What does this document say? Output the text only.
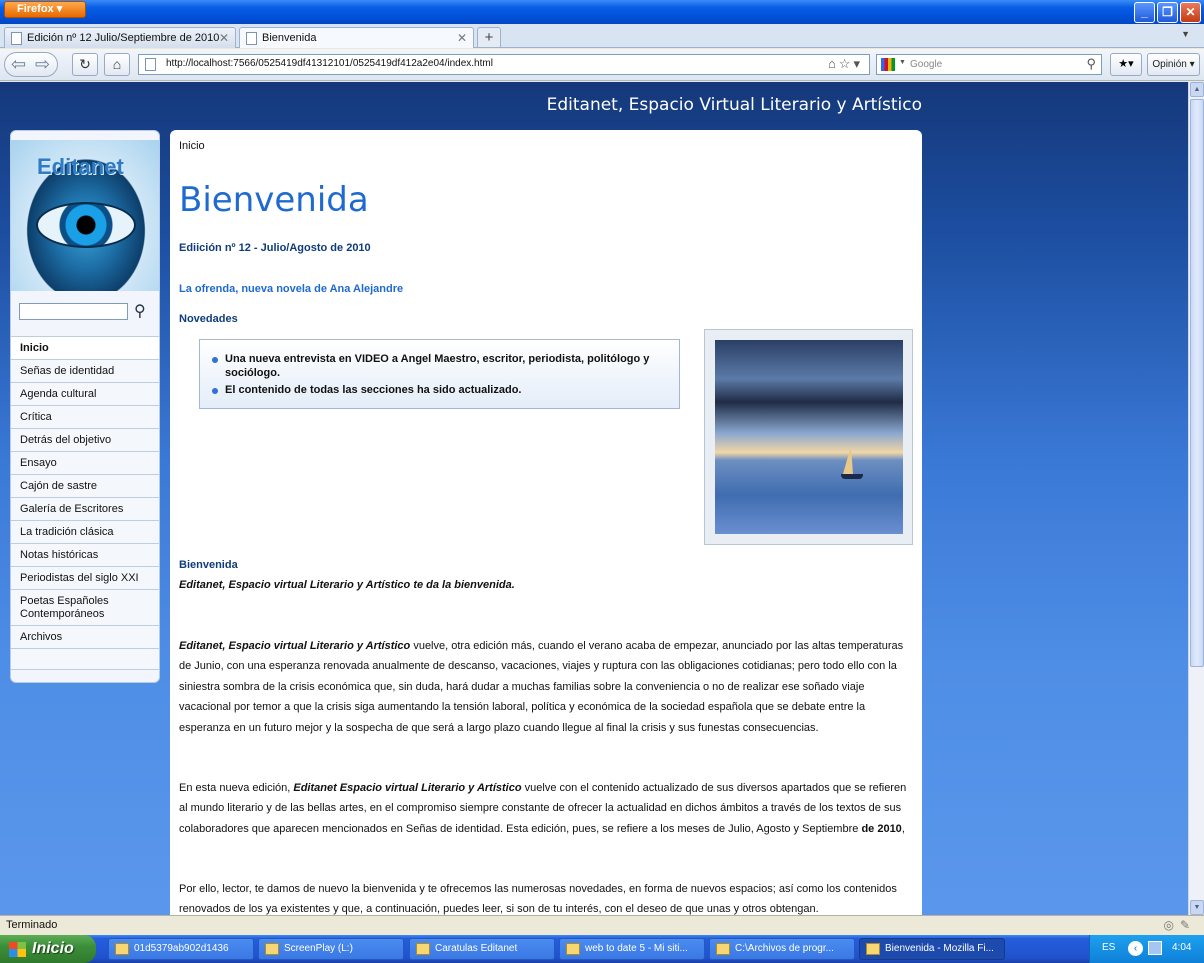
Firefox ▾	_	❐	✕
Edición nº 12 Julio/Septiembre de 2010 ✕	Bienvenida	✕	+	▼
⇦ ⇨	↻	⌂	http://localhost:7566/0525419df41312101/0525419df412a2e04/index.html	⌂☆▾	▼ Google	⚲	★▾	Opinión ▾
Editanet, Espacio Virtual Literario y Artístico
Editanet
⚲
Inicio
Señas de identidad
Agenda cultural
Crítica
Detrás del objetivo
Ensayo
Cajón de sastre
Galería de Escritores
La tradición clásica
Notas históricas
Periodistas del siglo XXI
Poetas Españoles Contemporáneos
Archivos
Inicio
Bienvenida
Ediición nº 12 - Julio/Agosto de 2010
La ofrenda, nueva novela de Ana Alejandre
Novedades
Una nueva entrevista en VIDEO a Angel Maestro, escritor, periodista, politólogo y sociólogo.
El contenido de todas las secciones ha sido actualizado.
Bienvenida
Editanet, Espacio virtual Literario y Artístico te da la bienvenida.
Editanet, Espacio virtual Literario y Artístico vuelve, otra edición más, cuando el verano acaba de empezar, anunciado por las altas temperaturas de Junio, con una esperanza renovada anualmente de descanso, vacaciones, viajes y ruptura con las obligaciones cotidianas; pero todo ello con la siniestra sombra de la crisis económica que, sin duda, hará dudar a muchas familias sobre la conveniencia o no de realizar ese soñado viaje vacacional por temor a que la crisis siga aumentando la tensión laboral, política y económica de la sociedad española que se debate entre la esperanza en un futuro mejor y la sospecha de que será a largo plazo cuando llegue al final la crisis y sus funestas consecuencias.
En esta nueva edición, Editanet Espacio virtual Literario y Artístico vuelve con el contenido actualizado de sus diversos apartados que se refieren al mundo literario y de las bellas artes, en el compromiso siempre constante de ofrecer la actualidad en dichos ámbitos a través de los textos de sus colaboradores que aparecen mencionados en Señas de identidad. Esta edición, pues, se refiere a los meses de Julio, Agosto y Septiembre de 2010,
Por ello, lector, te damos de nuevo la bienvenida y te ofrecemos las numerosas novedades, en forma de nuevos espacios; así como los contenidos renovados de los ya existentes y que, a continuación, puedes leer, si son de tu interés, con el deseo de que unas y otros obtengan.
▲
▼
Terminado	◎✎
Inicio	01d5379ab902d1436	ScreenPlay (L:)	Caratulas Editanet	web to date 5 - Mi siti...	C:\Archivos de progr...	Bienvenida - Mozilla Fi...	ES	‹	4:04
